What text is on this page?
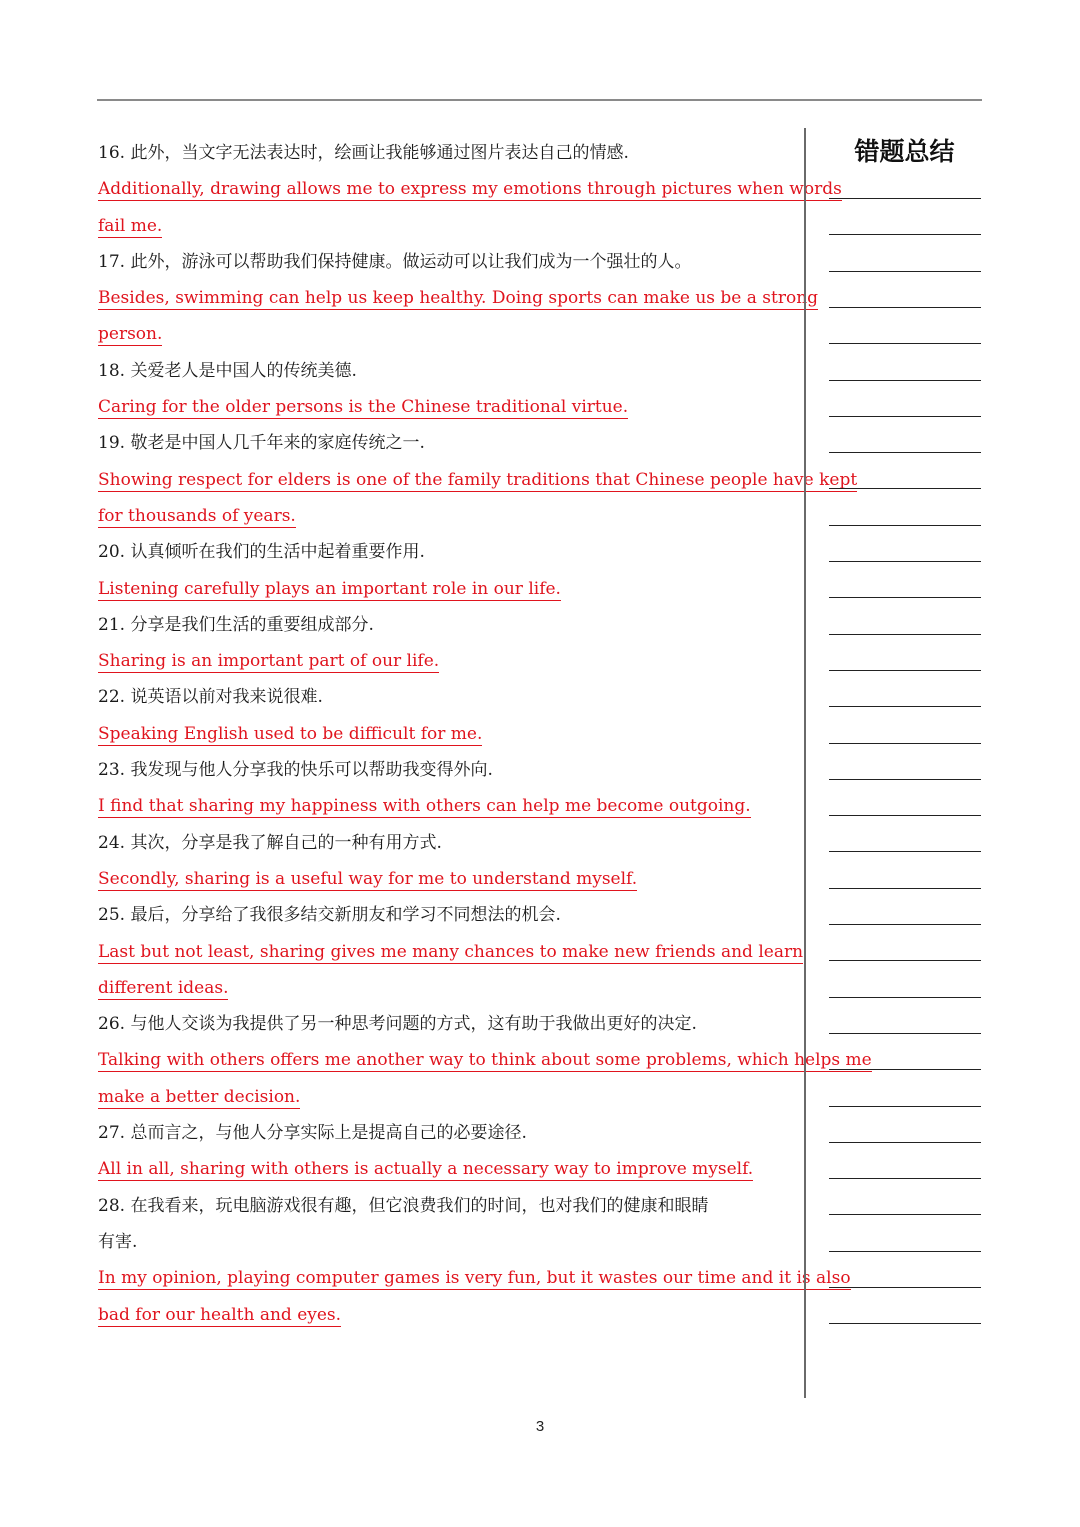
16. 此外，当文字无法表达时，绘画让我能够通过图片表达自己的情感.
Additionally, drawing allows me to express my emotions through pictures when words
fail me.
17. 此外，游泳可以帮助我们保持健康。做运动可以让我们成为一个强壮的人。
Besides, swimming can help us keep healthy. Doing sports can make us be a strong
person.
18. 关爱老人是中国人的传统美德.
Caring for the older persons is the Chinese traditional virtue.
19. 敬老是中国人几千年来的家庭传统之一.
Showing respect for elders is one of the family traditions that Chinese people have kept
for thousands of years.
20. 认真倾听在我们的生活中起着重要作用.
Listening carefully plays an important role in our life.
21. 分享是我们生活的重要组成部分.
Sharing is an important part of our life.
22. 说英语以前对我来说很难.
Speaking English used to be difficult for me.
23. 我发现与他人分享我的快乐可以帮助我变得外向.
I find that sharing my happiness with others can help me become outgoing.
24. 其次，分享是我了解自己的一种有用方式.
Secondly, sharing is a useful way for me to understand myself.
25. 最后，分享给了我很多结交新朋友和学习不同想法的机会.
Last but not least, sharing gives me many chances to make new friends and learn
different ideas.
26. 与他人交谈为我提供了另一种思考问题的方式，这有助于我做出更好的决定.
Talking with others offers me another way to think about some problems, which helps me
make a better decision.
27. 总而言之，与他人分享实际上是提高自己的必要途径.
All in all, sharing with others is actually a necessary way to improve myself.
28. 在我看来，玩电脑游戏很有趣，但它浪费我们的时间，也对我们的健康和眼睛
有害.
In my opinion, playing computer games is very fun, but it wastes our time and it is also
bad for our health and eyes.
错题总结
3
